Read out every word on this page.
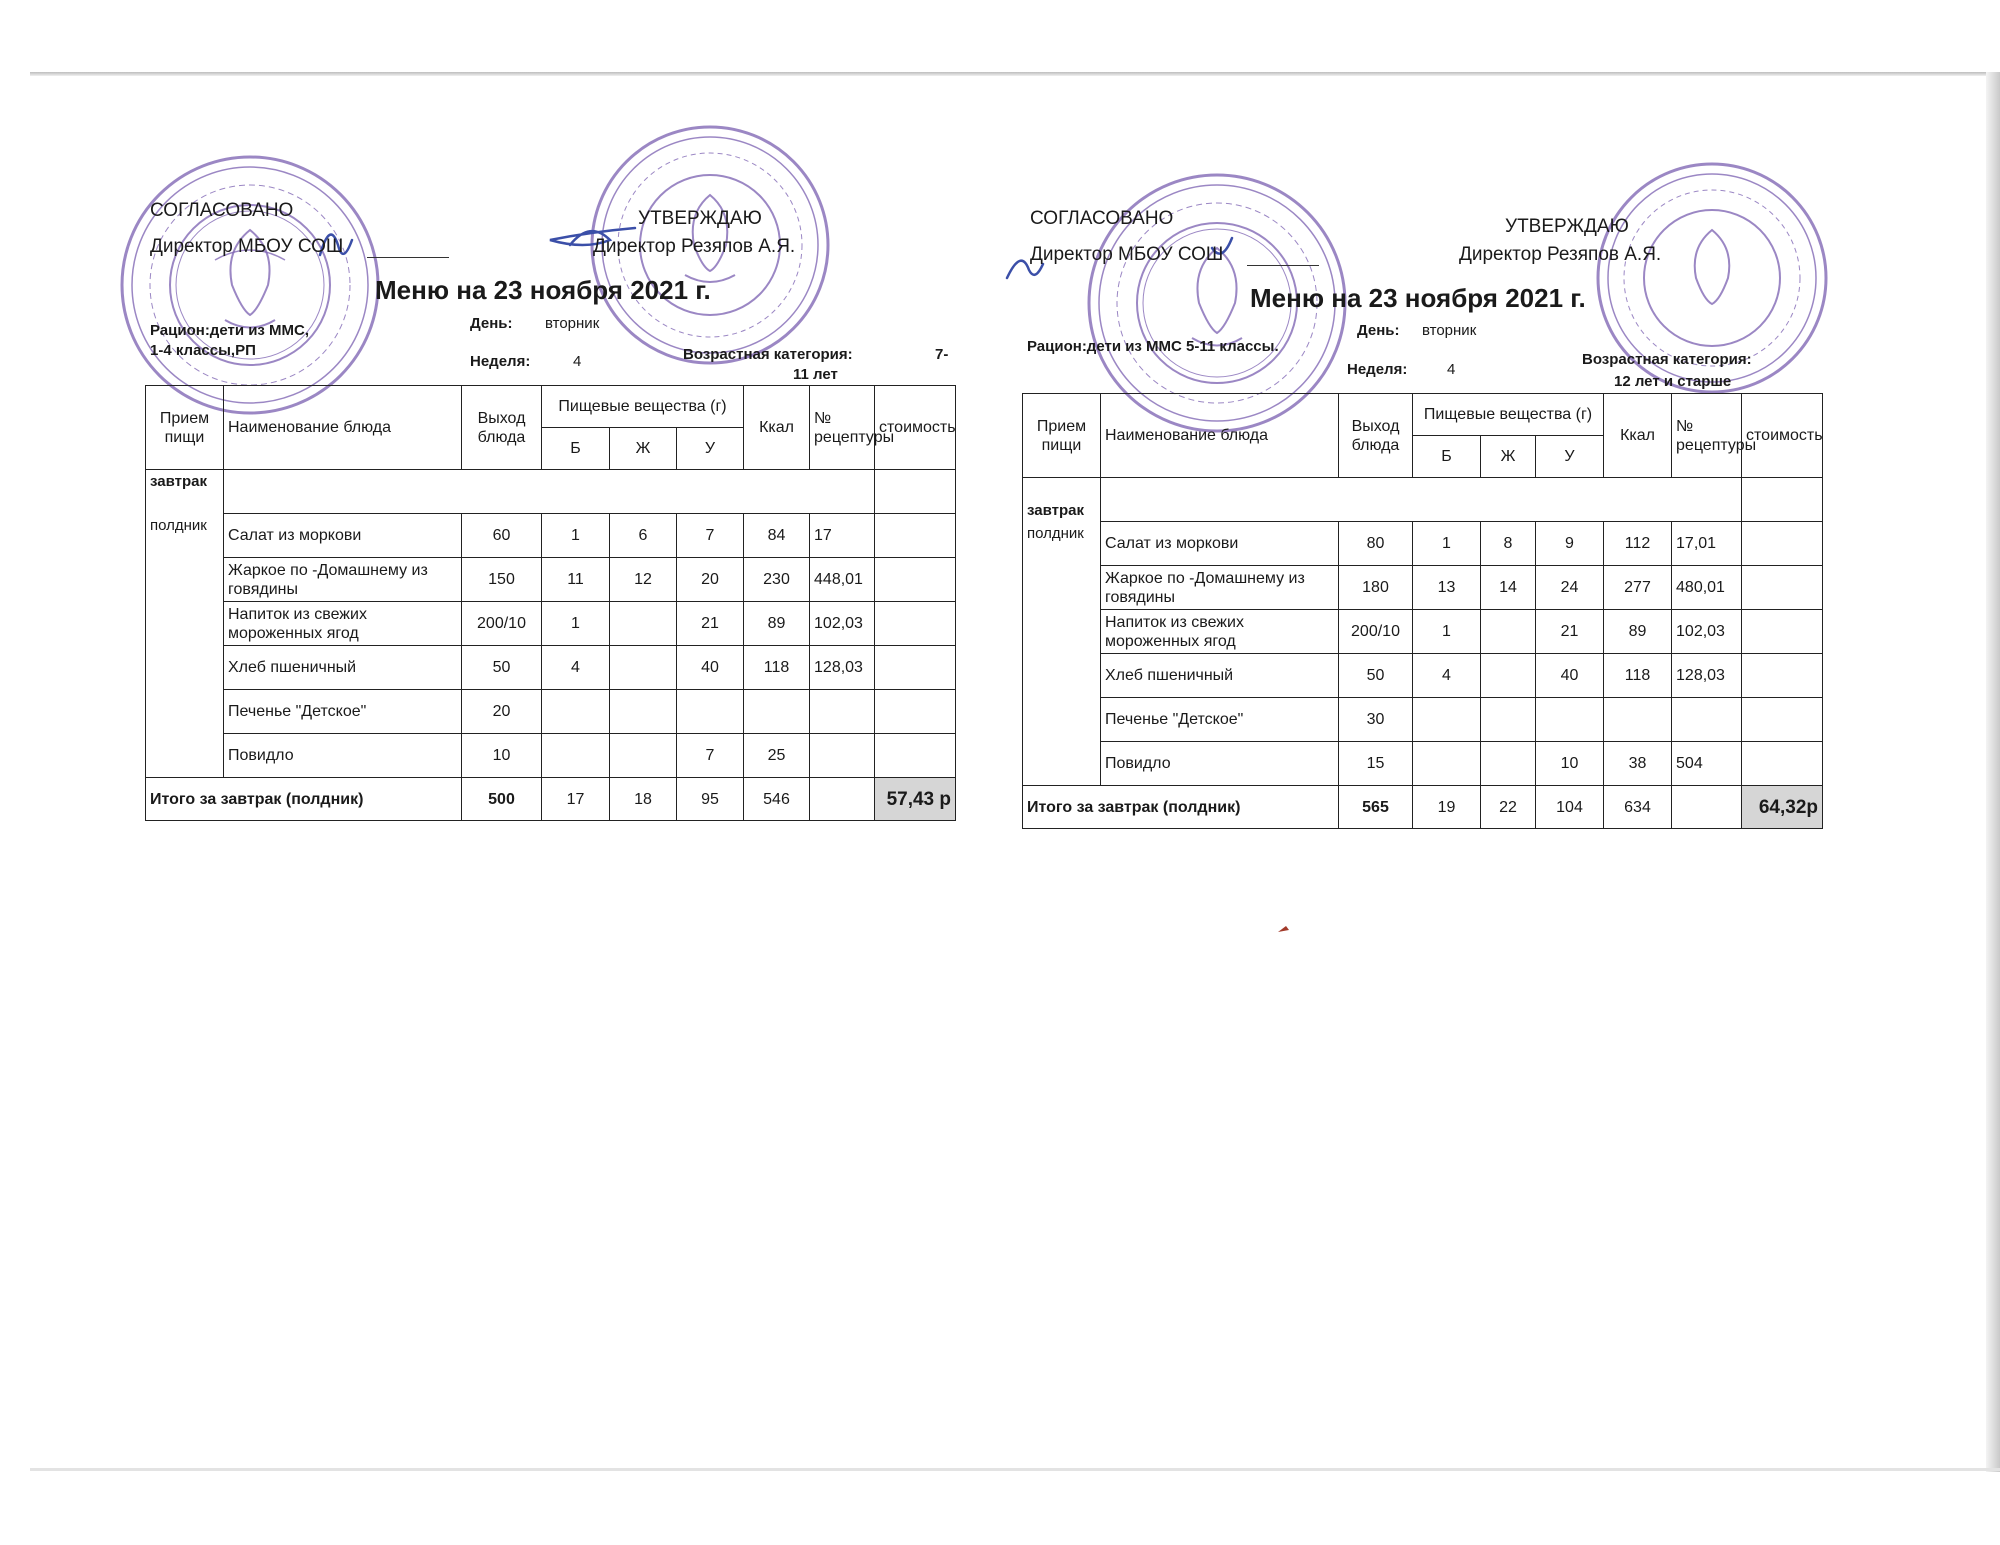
СОГЛАСОВАНО
Директор МБОУ СОШ
УТВЕРЖДАЮ
Директор Резяпов А.Я.
Меню на 23 ноября 2021 г.
Рацион:дети из ММС,
1-4 классы,РП
День: вторник
Неделя:	4	Возрастная категория:	7-
11 лет
Прием пищи	Наименование блюда	Выход блюда	Пищевые вещества (г)			Ккал	№ рецептуры	стоимость
			Б	Ж	У			
завтрак								
полдник	Салат из моркови	60	1	6	7	84	17	
	Жаркое по -Домашнему из говядины	150	11	12	20	230	448,01	
	Напиток из свежих мороженных ягод	200/10	1		21	89	102,03	
	Хлеб пшеничный	50	4		40	118	128,03	
	Печенье "Детское"	20						
	Повидло	10			7	25		
Итого за завтрак (полдник)		500	17	18	95	546		57,43 р
СОГЛАСОВАНО
Директор МБОУ СОШ
УТВЕРЖДАЮ
Директор Резяпов А.Я.
Меню на 23 ноября 2021 г.
Рацион:дети из ММС 5-11 классы.
День: вторник
Неделя:	4
Возрастная категория:
12 лет и старше
Прием пищи	Наименование блюда	Выход блюда	Пищевые вещества (г)			Ккал	№ рецептуры	стоимость
			Б	Ж	У			
завтрак								
полдник	Салат из моркови	80	1	8	9	112	17,01	
	Жаркое по -Домашнему из говядины	180	13	14	24	277	480,01	
	Напиток из свежих мороженных ягод	200/10	1		21	89	102,03	
	Хлеб пшеничный	50	4		40	118	128,03	
	Печенье "Детское"	30						
	Повидло	15			10	38	504	
Итого за завтрак (полдник)		565	19	22	104	634		64,32р
